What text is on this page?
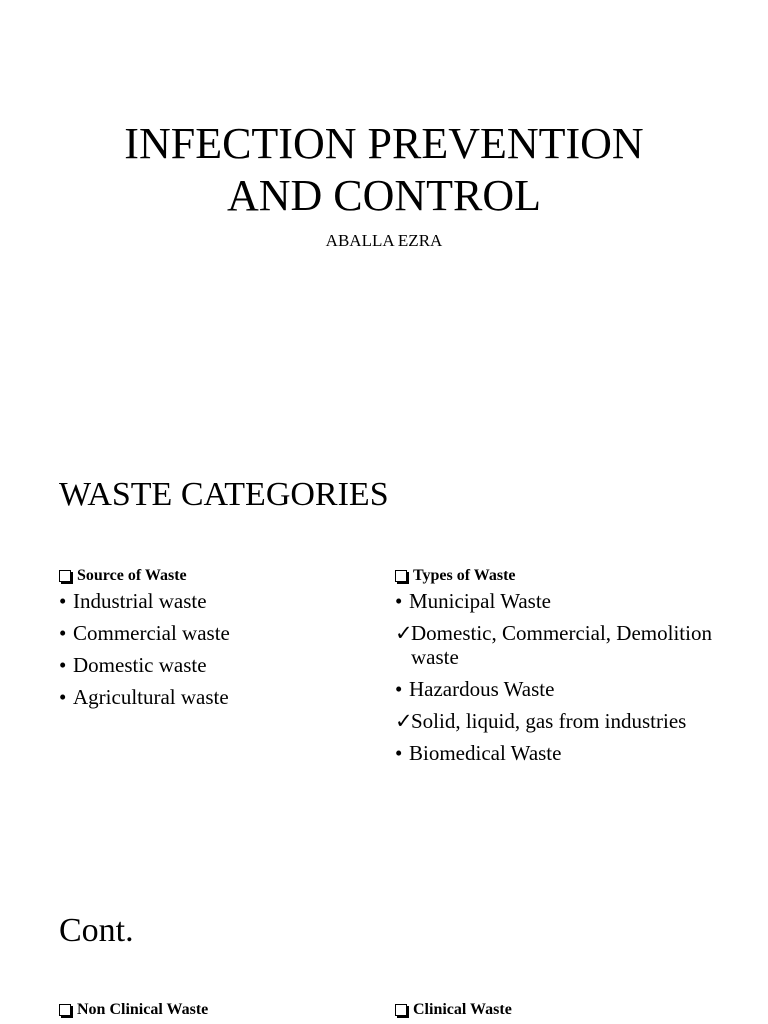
INFECTION PREVENTION
AND CONTROL
ABALLA EZRA
WASTE CATEGORIES
Source of Waste
• Industrial waste
• Commercial waste
• Domestic waste
• Agricultural waste
Types of Waste
• Municipal Waste
✓
Domestic, Commercial, Demolition waste
• Hazardous Waste
✓
Solid, liquid, gas from industries
• Biomedical Waste
Cont.
Non Clinical Waste	Clinical Waste
